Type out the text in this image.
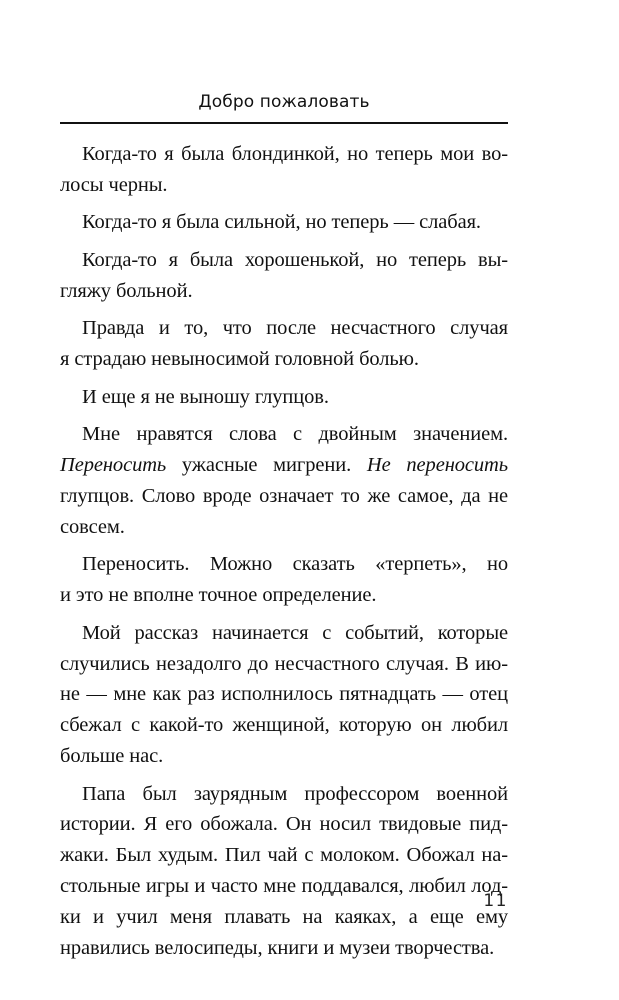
Добро пожаловать
Когда-то я была блондинкой, но теперь мои во-
лосы черны.
Когда-то я была сильной, но теперь — слабая.
Когда-то я была хорошенькой, но теперь вы-
гляжу больной.
Правда и то, что после несчастного случая
я страдаю невыносимой головной болью.
И еще я не выношу глупцов.
Мне нравятся слова с двойным значением.
Переносить ужасные мигрени. Не переносить
глупцов. Слово вроде означает то же самое, да не
совсем.
Переносить. Можно сказать «терпеть», но
и это не вполне точное определение.
Мой рассказ начинается с событий, которые
случились незадолго до несчастного случая. В ию-
не — мне как раз исполнилось пятнадцать — отец
сбежал с какой-то женщиной, которую он любил
больше нас.
Папа был заурядным профессором военной
истории. Я его обожала. Он носил твидовые пид-
жаки. Был худым. Пил чай с молоком. Обожал на-
стольные игры и часто мне поддавался, любил лод-
ки и учил меня плавать на каяках, а еще ему
нравились велосипеды, книги и музеи творчества.
11
